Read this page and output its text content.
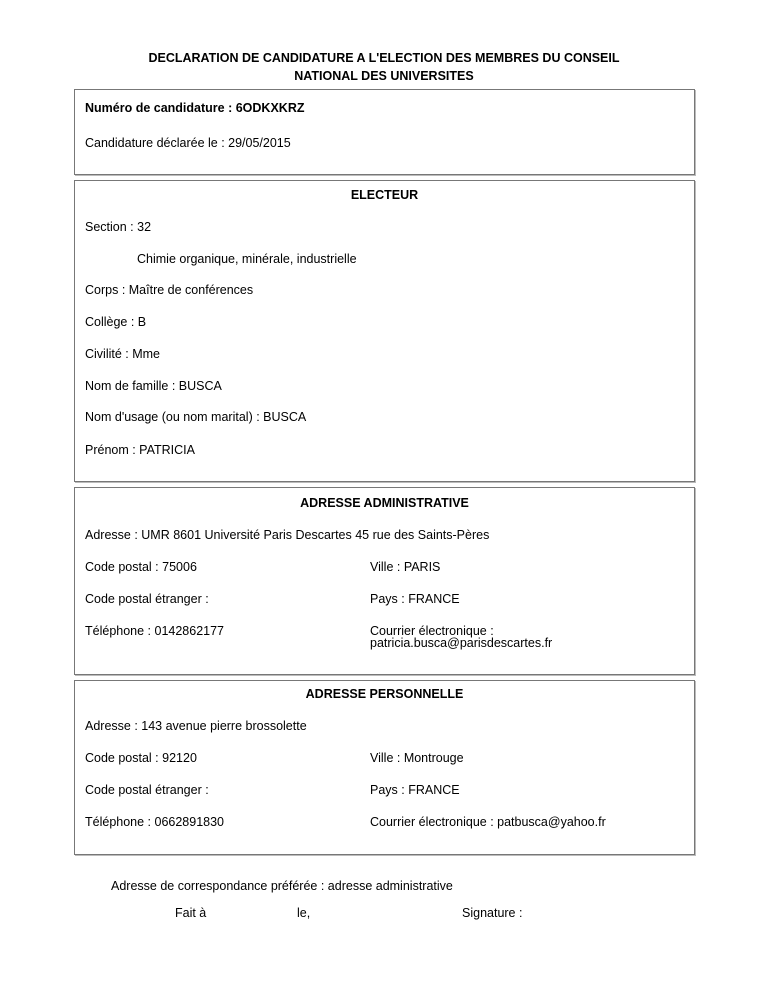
DECLARATION DE CANDIDATURE A L'ELECTION DES MEMBRES DU CONSEIL
NATIONAL DES UNIVERSITES
Numéro de candidature : 6ODKXKRZ
Candidature déclarée le : 29/05/2015
ELECTEUR
Section : 32
Chimie organique, minérale, industrielle
Corps : Maître de conférences
Collège : B
Civilité : Mme
Nom de famille : BUSCA
Nom d'usage (ou nom marital) : BUSCA
Prénom : PATRICIA
ADRESSE ADMINISTRATIVE
Adresse : UMR 8601 Université Paris Descartes 45 rue des Saints-Pères
Code postal : 75006	Ville : PARIS
Code postal étranger :	Pays : FRANCE
Téléphone : 0142862177	Courrier électronique :
patricia.busca@parisdescartes.fr
ADRESSE PERSONNELLE
Adresse : 143 avenue pierre brossolette
Code postal : 92120	Ville : Montrouge
Code postal étranger :	Pays : FRANCE
Téléphone : 0662891830	Courrier électronique : patbusca@yahoo.fr
Adresse de correspondance préférée : adresse administrative
Fait à	le,	Signature :
